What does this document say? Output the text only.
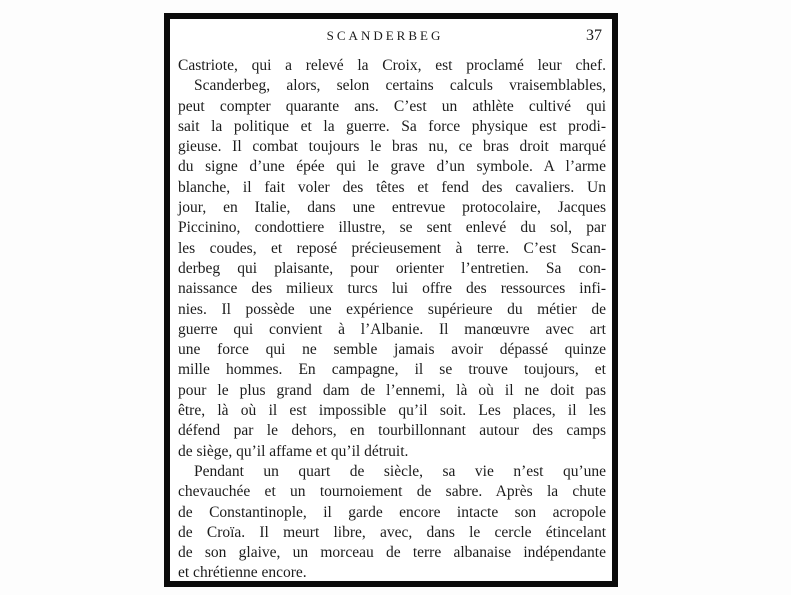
SCANDERBEG	37
Castriote, qui a relevé la Croix, est proclamé leur chef.
Scanderbeg, alors, selon certains calculs vraisemblables,
peut compter quarante ans. C’est un athlète cultivé qui
sait la politique et la guerre. Sa force physique est prodi-
gieuse. Il combat toujours le bras nu, ce bras droit marqué
du signe d’une épée qui le grave d’un symbole. A l’arme
blanche, il fait voler des têtes et fend des cavaliers. Un
jour, en Italie, dans une entrevue protocolaire, Jacques
Piccinino, condottiere illustre, se sent enlevé du sol, par
les coudes, et reposé précieusement à terre. C’est Scan-
derbeg qui plaisante, pour orienter l’entretien. Sa con-
naissance des milieux turcs lui offre des ressources infi-
nies. Il possède une expérience supérieure du métier de
guerre qui convient à l’Albanie. Il manœuvre avec art
une force qui ne semble jamais avoir dépassé quinze
mille hommes. En campagne, il se trouve toujours, et
pour le plus grand dam de l’ennemi, là où il ne doit pas
être, là où il est impossible qu’il soit. Les places, il les
défend par le dehors, en tourbillonnant autour des camps
de siège, qu’il affame et qu’il détruit.
Pendant un quart de siècle, sa vie n’est qu’une
chevauchée et un tournoiement de sabre. Après la chute
de Constantinople, il garde encore intacte son acropole
de Croïa. Il meurt libre, avec, dans le cercle étincelant
de son glaive, un morceau de terre albanaise indépendante
et chrétienne encore.
